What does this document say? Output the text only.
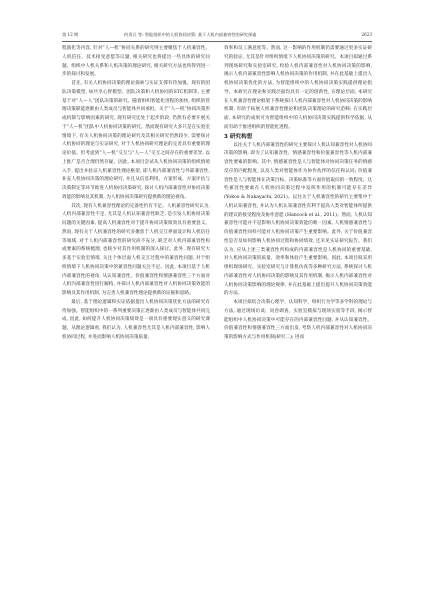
第 12 期	何贵兵 等: 智能组织中的人机协同决策: 基于人机内部兼容性的研究探索	2623

程演化等内容, 针对“人—机”协同关系的研究则主要聚焦于人机兼容性。人机信任、技术接受意愿等议题, 相关研究也将提出一些具体的研究问题。组织中人机关系和人机决策的理论研究, 相关研究方法也将得到进一步的探讨和发展。

首先, 有关人机协同决策的理论探索与实证支撑有待加强。现有的团队决策模型, 如共享心智模型、团队决策和人机协同的STC机制等, 主要基于对“人—人”团队决策的研究。随着组织智能化进程的加快, 组织的管理决策职能逐渐由人类成员与智能体共同承担。关于“人—机”协同决策形成机制与影响因素的研究, 现有研究还处于起步阶段, 仍然有必要开展关于“人—机”团队中人机协同决策的研究。然而现有研究大多只是在实验室情境下, 有关人机协同决策的理论研究及其相关研究仍然较少, 需要探讨人机协同的理论与实证研究, 对于人机协同研究理论的完善具有重要的理论价值。但考虑到“人—机”交互与“人—人”交互之间存在的重要差异, 以上推广是否合理仍然存疑。因此, 本项目尝试从人机协同决策的组织情境入手, 提出并验证人机兼容性理论框架, 即人机内部兼容性与外部兼容性, 补充人机协同决策的理论研究, 并且从信息利用、方案形成、方案评估与决策制定等环节推进人机协同决策研究, 探讨人机内部兼容性对协同决策效能的影响及其机制, 为人机协同决策研究提供新的理论视角。

其次, 现有人机兼容性理论的完备性仍有不足。人机兼容性研究认为, 人机内部兼容性不足, 尤其是人机认知兼容性缺乏, 是引发人机协同决策问题的关键因素, 提高人机兼容性对于提升协同决策绩效具有重要意义。然而, 现有关于人机兼容性的研究多聚焦于人机交互界面设计和人机信任等领域, 对于人机内部兼容性的研究尚不充分, 缺乏对人机内部兼容性构成要素的系统梳理, 也缺少对其作用机制的深入探讨。此外, 现有研究大多基于实验室情境, 关注个体层面人机交互过程中的兼容性问题, 对于组织情境下人机协同决策中的兼容性问题关注不足。因此, 本项目基于人机内部兼容性的视角, 从认知兼容性、价值兼容性和情感兼容性三个方面对人机内部兼容性进行解构, 并探讨人机内部兼容性对人机协同决策效能的影响及其作用机制, 为完善人机兼容性理论提供新的证据和思路。

最后, 基于理论逻辑和实证依据提出人机协同决策优化方法的研究有待加强。智能组织中的一系列重要决策正逐渐由人类成员与智能体共同完成, 因此, 如何提升人机协同决策绩效是一项具有重要现实意义的研究课题。从理论逻辑看, 我们认为, 人机兼容性尤其是人机内部兼容性, 影响人机协同过程, 并进而影响人机协同决策质量、

效率和员工满意度等。然而, 这一影响的作用机制仍需要通过更多实证研究的验证, 尤其是针对组织情境下人机协同决策的研究。本项目拟通过系列现场研究和实验室研究, 检验人机内部兼容性对人机协同决策的影响, 揭示人机内部兼容性影响人机协同决策的作用机制, 并在此基础上提出人机协同决策优化的方法, 为智能组织中的人机协同决策实践提供理论指导。本研究在理论和实践层面均具有一定的创新性, 在理论层面, 本研究在人机兼容性理论框架下系统探讨人机内部兼容性对人机协同决策的影响机制, 有助于拓展人机兼容性理论和团队决策理论的研究范畴; 在实践层面, 本研究的成果可为智能组织中的人机协同决策实践提供科学依据, 从而有助于推进组织的智能化进程。

3 研究构想

以往关于人机内部兼容性的研究主要探讨人机认知兼容性对人机协同决策的影响, 即为了认知兼容性、情感兼容性和价值兼容性等人机内部兼容性要素的影响。其中, 情感兼容性是人与智能体对协同决策任务的情感反应的匹配程度, 以及人类对智能体作为协作伙伴的信任和认同; 价值兼容性是人与智能体在决策目标、决策标准等方面价值取向的一致程度。这些兼容性要素在人机协同决策过程中发挥作用的机制可能存在差异 (Yokoo & Nakayachi, 2021)。以往关于人机兼容性的研究主要集中于人机认知兼容性, 并认为人机认知兼容性有利于提高人类对智能体所提供的建议的接受程度及协作意愿 (Hancock et al., 2011)。然而, 人机认知兼容性可能并不是影响人机协同决策效能的唯一因素, 人机情感兼容性与价值兼容性同样可能对人机协同决策产生重要影响。此外, 关于价值兼容性是否及如何影响人机协同过程和协同绩效, 还未见实证研究报告。我们认为, 应从上述三类兼容性所构成的内部兼容性是人机协同的重要基础, 对人机协同决策的质量、效率和体验产生重要影响。因此, 本项目拟采用组织现场研究、实验室研究与计算机仿真等多种研究方法, 系统探讨人机内部兼容性对人机协同决策的影响及其作用机制, 揭示人机内部兼容性对人机协同决策影响的理论规律, 并在此基础上提出提升人机协同决策效能的方法。

本项目拟结合决策心理学、认知科学、组织行为学等多学科的理论与方法, 通过现场访谈、问卷调查、实验室模拟与现场实验等手段, 揭示智能组织中人机协同决策中可能存在的内部兼容性问题, 并从认知兼容性、价值兼容性和情感兼容性三方面出发, 考察人机内部兼容性对人机协同决策的影响方式与作用机制(研究二); 进而
